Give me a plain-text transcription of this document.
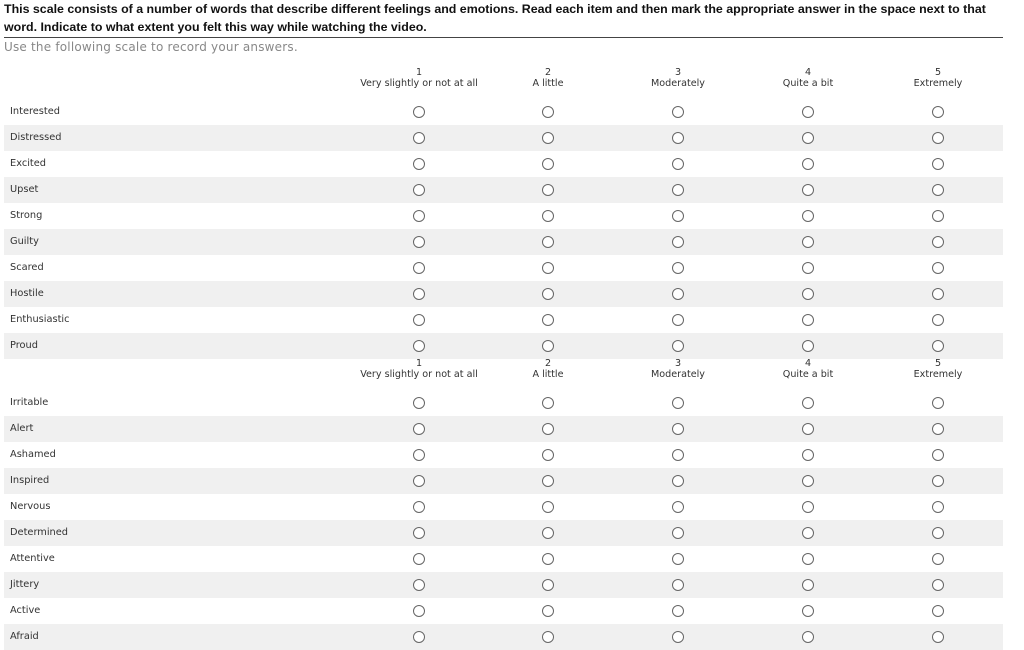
This scale consists of a number of words that describe different feelings and emotions. Read each item and then mark the appropriate answer in the space next to that word. Indicate to what extent you felt this way while watching the video.
Use the following scale to record your answers.
1
Very slightly or not at all
2
A little
3
Moderately
4
Quite a bit
5
Extremely
Interested
Distressed
Excited
Upset
Strong
Guilty
Scared
Hostile
Enthusiastic
Proud
1
Very slightly or not at all
2
A little
3
Moderately
4
Quite a bit
5
Extremely
Irritable
Alert
Ashamed
Inspired
Nervous
Determined
Attentive
Jittery
Active
Afraid
